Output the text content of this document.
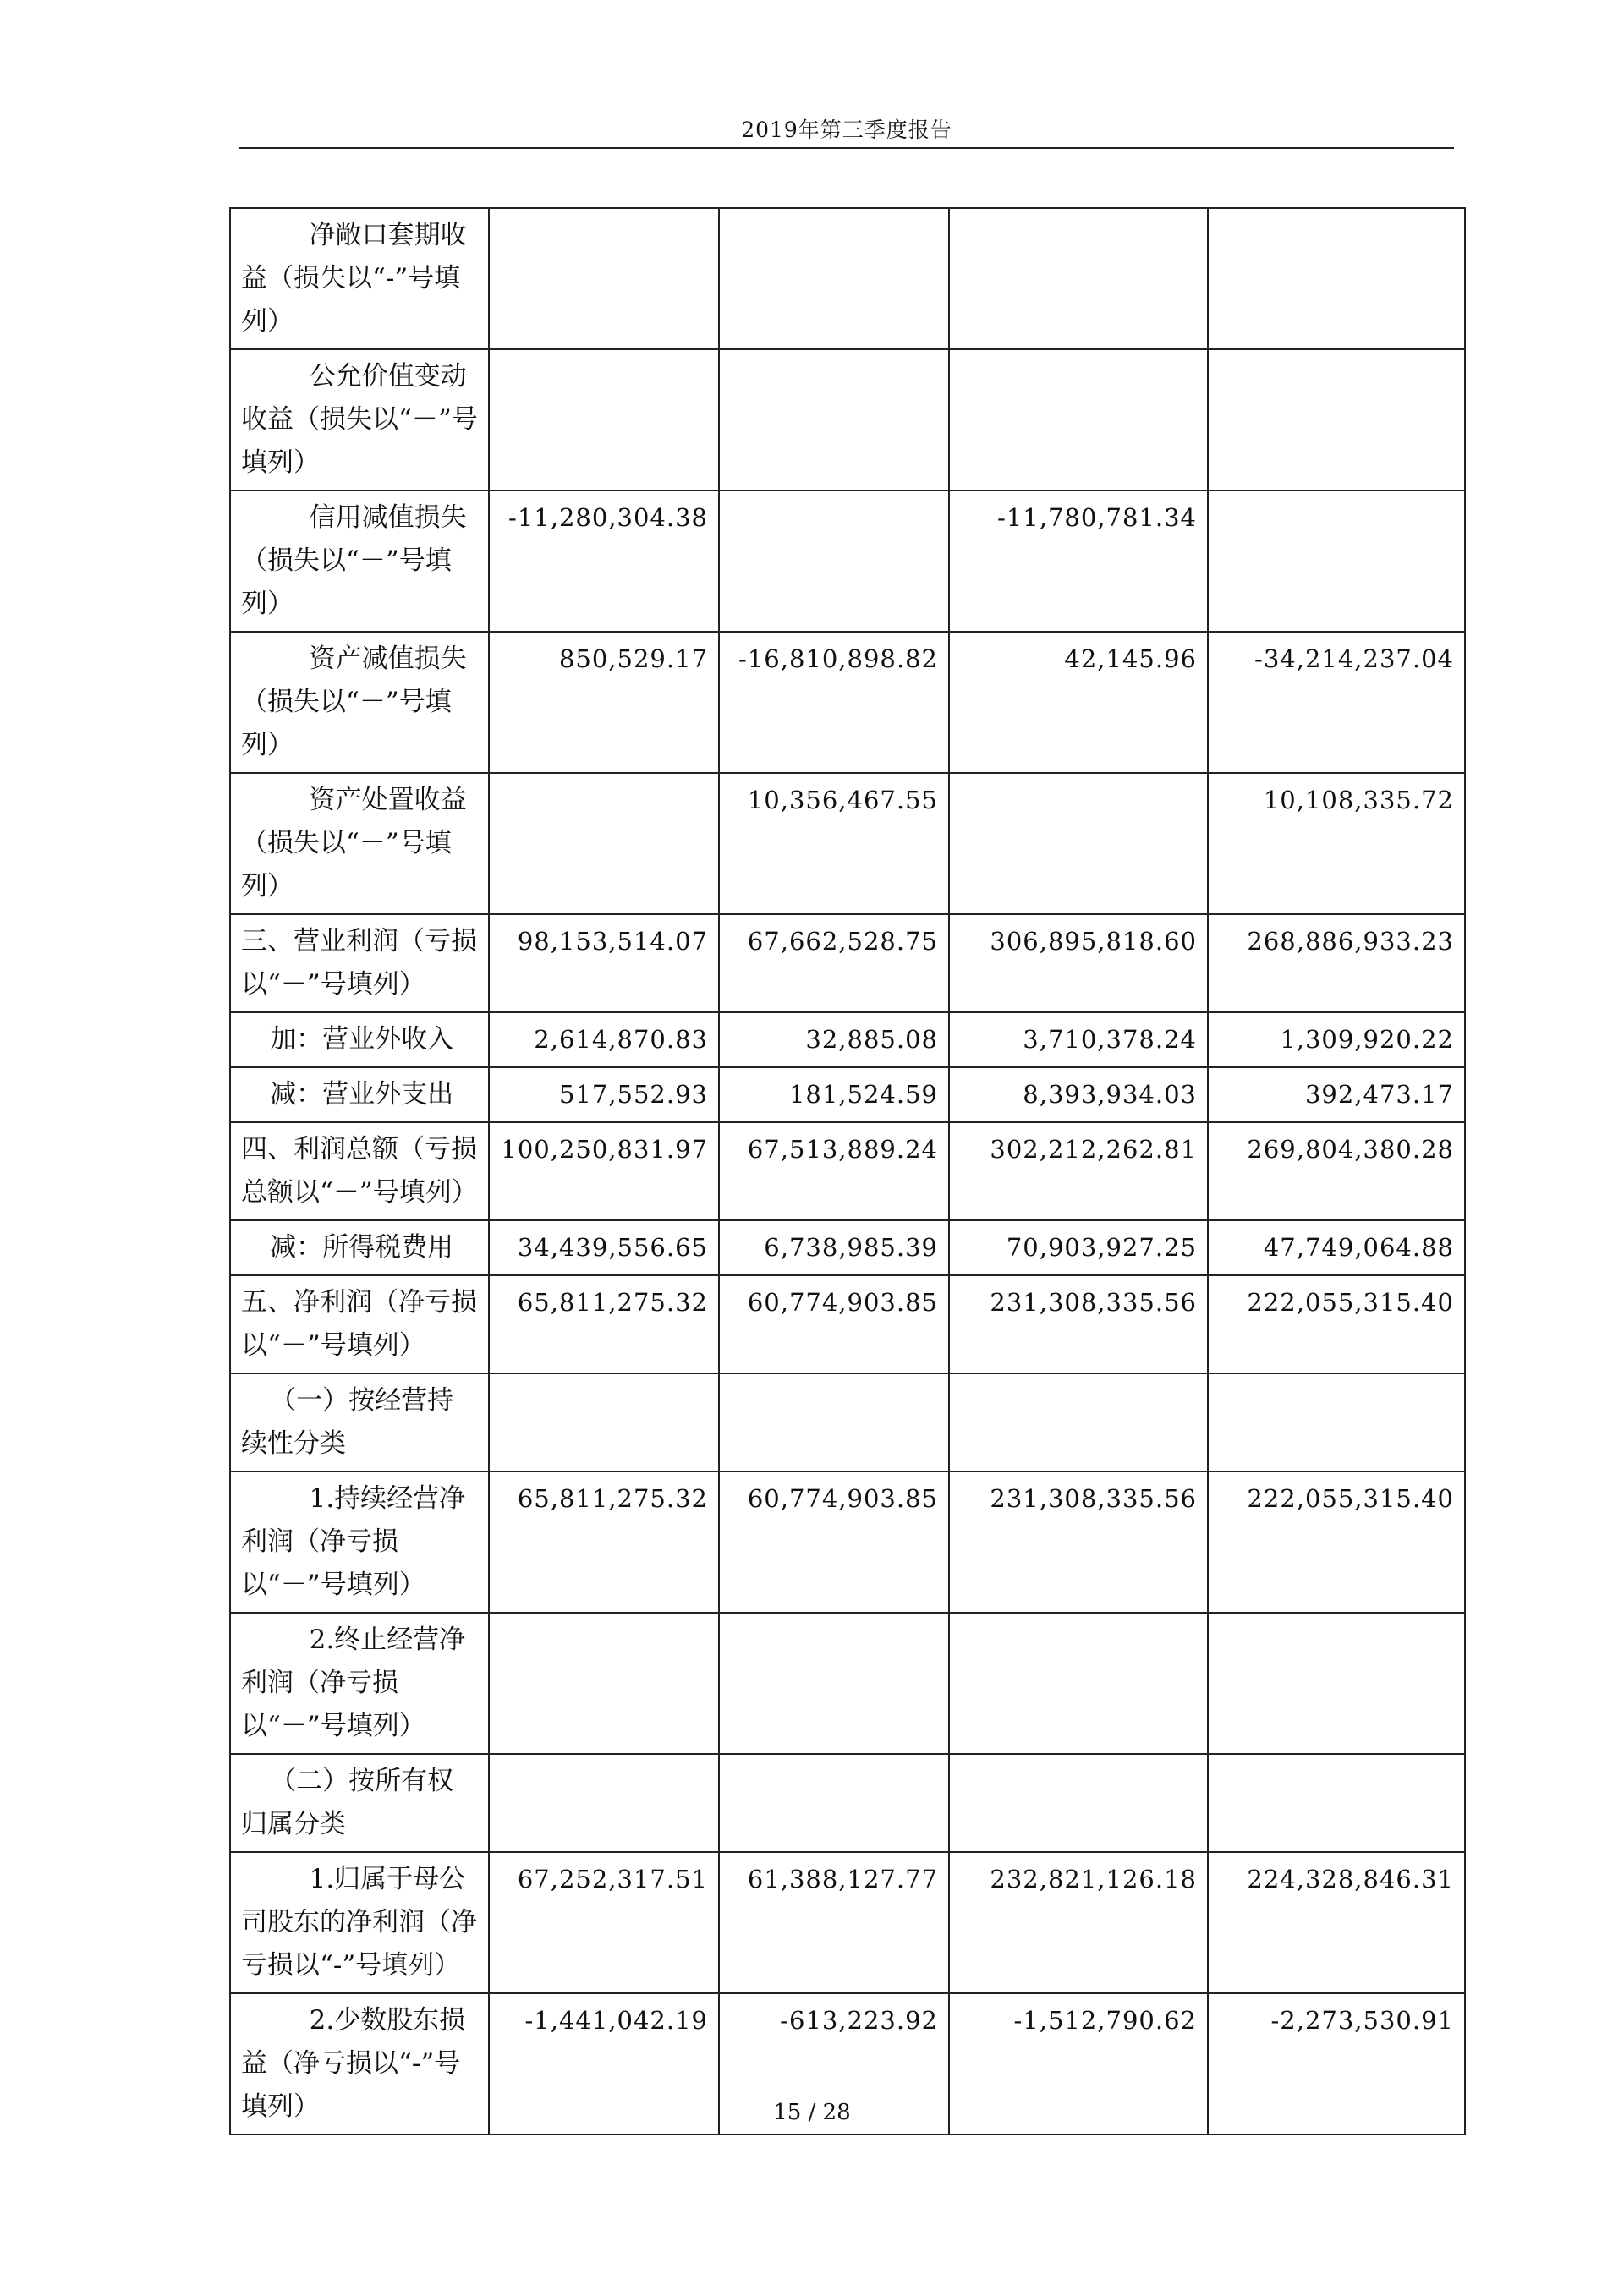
2019年第三季度报告
净敞口套期收益（损失以“-”号填列）				

公允价值变动收益（损失以“－”号填列）				

信用减值损失（损失以“－”号填列）	-11,280,304.38		-11,780,781.34	

资产减值损失（损失以“－”号填列）	850,529.17	-16,810,898.82	42,145.96	-34,214,237.04

资产处置收益（损失以“－”号填列）		10,356,467.55		10,108,335.72

三、营业利润（亏损以“－”号填列）	98,153,514.07	67,662,528.75	306,895,818.60	268,886,933.23

加：营业外收入	2,614,870.83	32,885.08	3,710,378.24	1,309,920.22

减：营业外支出	517,552.93	181,524.59	8,393,934.03	392,473.17

四、利润总额（亏损总额以“－”号填列）	100,250,831.97	67,513,889.24	302,212,262.81	269,804,380.28

减：所得税费用	34,439,556.65	6,738,985.39	70,903,927.25	47,749,064.88

五、净利润（净亏损以“－”号填列）	65,811,275.32	60,774,903.85	231,308,335.56	222,055,315.40

（一）按经营持续性分类				

1.持续经营净利润（净亏损以“－”号填列）	65,811,275.32	60,774,903.85	231,308,335.56	222,055,315.40

2.终止经营净利润（净亏损以“－”号填列）				

（二）按所有权归属分类				

1.归属于母公司股东的净利润（净亏损以“-”号填列）	67,252,317.51	61,388,127.77	232,821,126.18	224,328,846.31

2.少数股东损益（净亏损以“-”号填列）	-1,441,042.19	-613,223.92	-1,512,790.62	-2,273,530.91
15 / 28
